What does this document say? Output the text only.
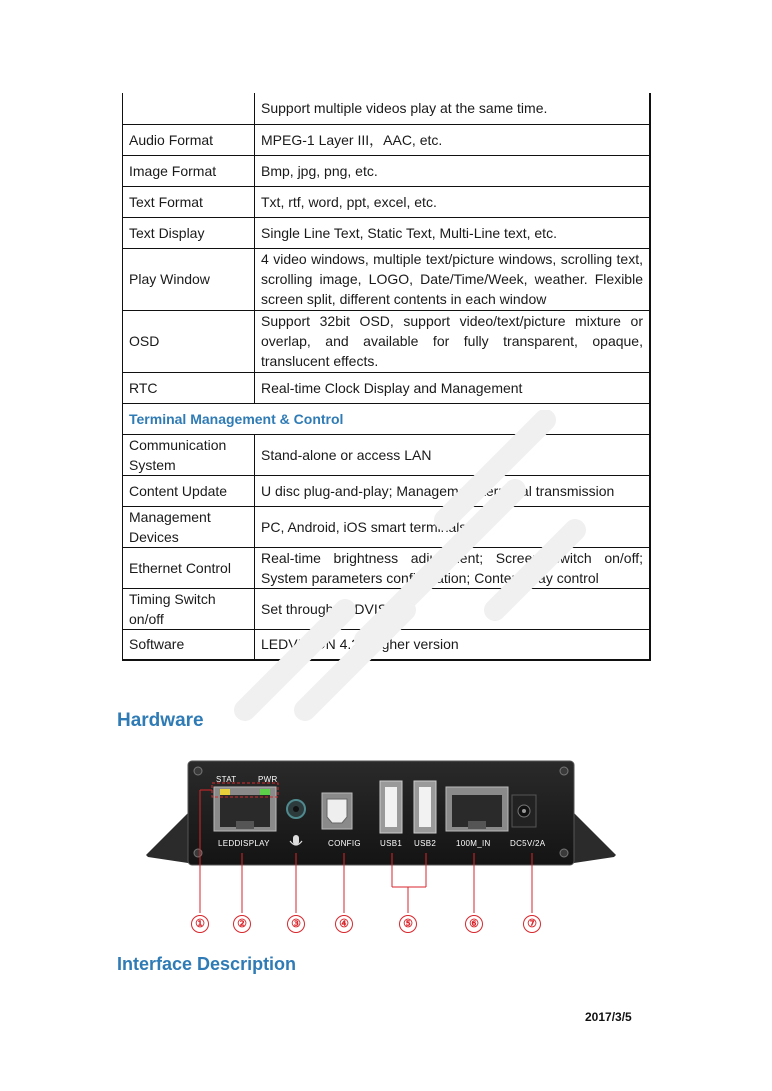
	Support multiple videos play at the same time.
Audio Format	MPEG-1 Layer III，AAC, etc.
Image Format	Bmp, jpg, png, etc.
Text Format	Txt, rtf, word, ppt, excel, etc.
Text Display	Single Line Text, Static Text, Multi-Line text, etc.
Play Window	4 video windows, multiple text/picture windows, scrolling text, scrolling image, LOGO, Date/Time/Week, weather. Flexible screen split, different contents in each window
OSD	Support 32bit OSD, support video/text/picture mixture or overlap, and available for fully transparent, opaque, translucent effects.
RTC	Real-time Clock Display and Management
Terminal Management & Control	
Communication System	Stand-alone or access LAN
Content Update	U disc plug-and-play; Management terminal transmission
Management Devices	PC, Android, iOS smart terminals
Ethernet Control	Real-time brightness adjustment; Screen switch on/off; System parameters configuration; Content play control
Timing Switch on/off	Set through LEDVISION
Software	LEDVISION 4.20/higher version
Hardware
STAT	PWR
LEDDISPLAY	CONFIG USB1 USB2 100M_IN DC5V/2A
①	②	③	④	⑤	⑥	⑦
Interface Description
2017/3/5
